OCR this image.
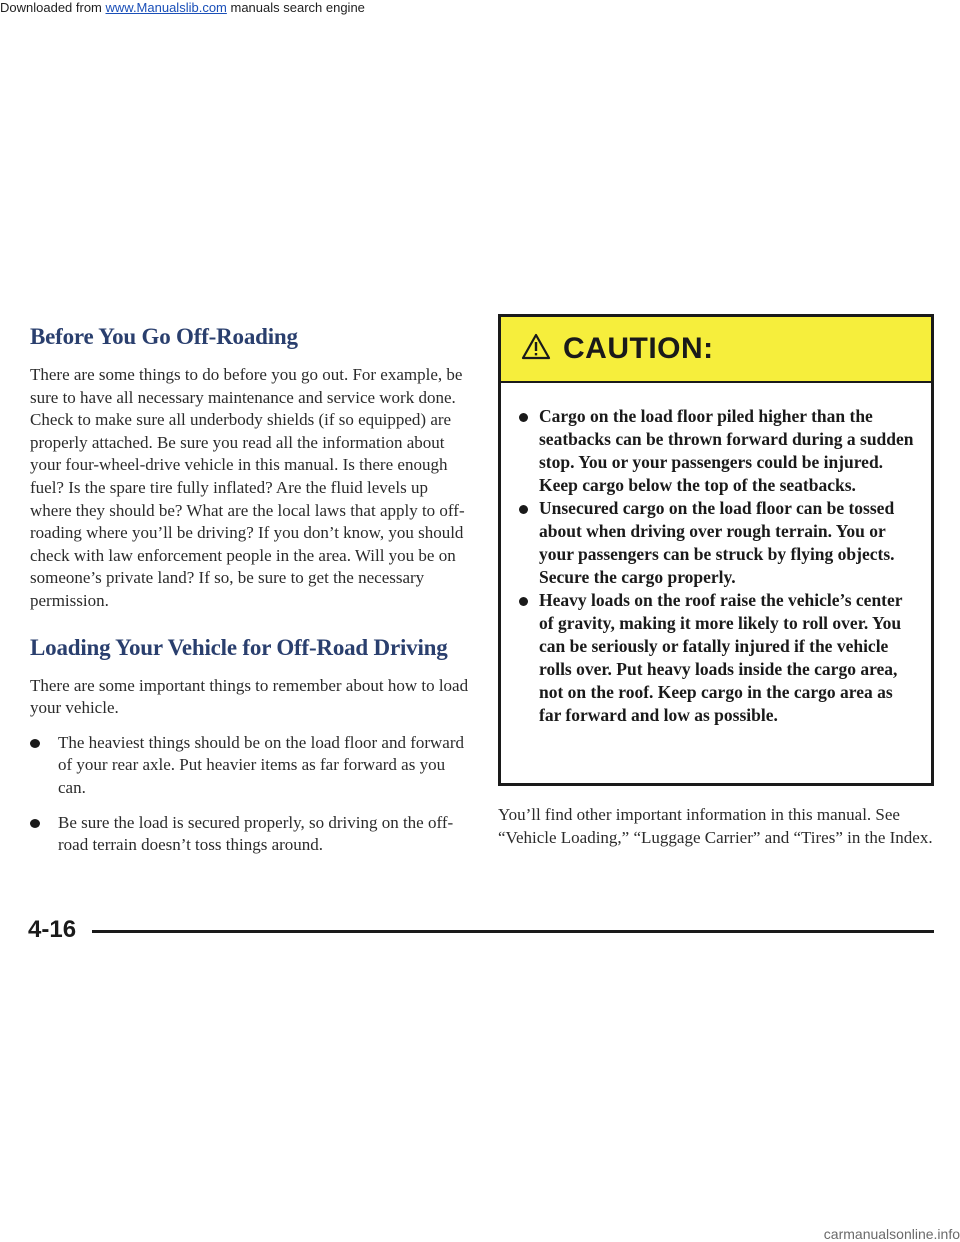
Downloaded from www.Manualslib.com manuals search engine
Before You Go Off-Roading

There are some things to do before you go out. For example, be sure to have all necessary maintenance and service work done. Check to make sure all underbody shields (if so equipped) are properly attached. Be sure you read all the information about your four-wheel-drive vehicle in this manual. Is there enough fuel? Is the spare tire fully inflated? Are the fluid levels up where they should be? What are the local laws that apply to off-roading where you’ll be driving? If you don’t know, you should check with law enforcement people in the area. Will you be on someone’s private land? If so, be sure to get the necessary permission.

Loading Your Vehicle for Off-Road Driving

There are some important things to remember about how to load your vehicle.

The heaviest things should be on the load floor and forward of your rear axle. Put heavier items as far forward as you can.
Be sure the load is secured properly, so driving on the off-road terrain doesn’t toss things around.
CAUTION:
Cargo on the load floor piled higher than the seatbacks can be thrown forward during a sudden stop. You or your passengers could be injured. Keep cargo below the top of the seatbacks.
Unsecured cargo on the load floor can be tossed about when driving over rough terrain. You or your passengers can be struck by flying objects. Secure the cargo properly.
Heavy loads on the roof raise the vehicle’s center of gravity, making it more likely to roll over. You can be seriously or fatally injured if the vehicle rolls over. Put heavy loads inside the cargo area, not on the roof. Keep cargo in the cargo area as far forward and low as possible.

You’ll find other important information in this manual. See “Vehicle Loading,” “Luggage Carrier” and “Tires” in the Index.

4-16
carmanualsonline.info
